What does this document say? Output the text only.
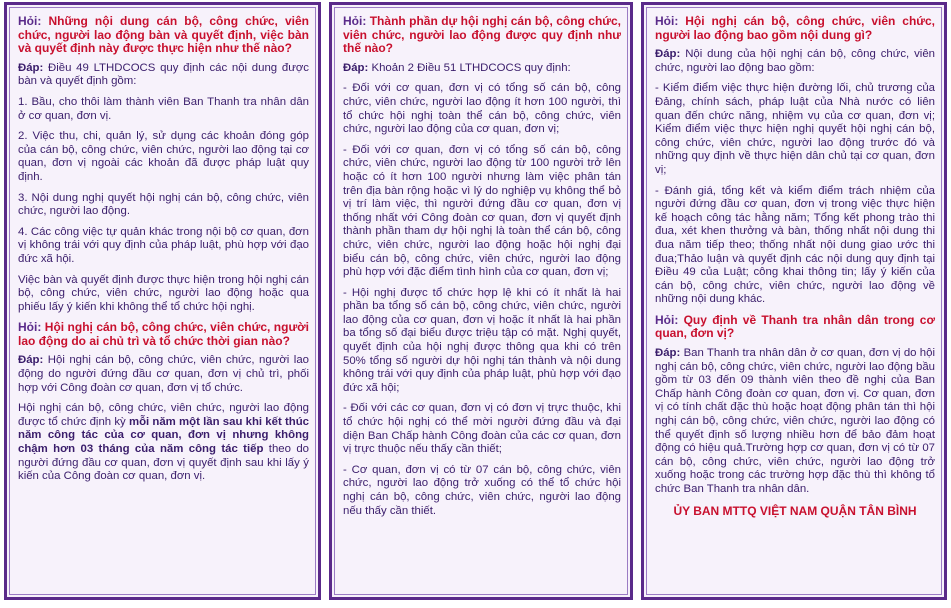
Hỏi: Những nội dung cán bộ, công chức, viên chức, người lao động bàn và quyết định, việc bàn và quyết định này được thực hiện như thế nào?

Đáp: Điều 49 LTHDCOCS quy định các nội dung được bàn và quyết định gồm:

1. Bầu, cho thôi làm thành viên Ban Thanh tra nhân dân ở cơ quan, đơn vị.

2. Việc thu, chi, quản lý, sử dụng các khoản đóng góp của cán bộ, công chức, viên chức, người lao động tại cơ quan, đơn vị ngoài các khoản đã được pháp luật quy định.

3. Nội dung nghị quyết hội nghị cán bộ, công chức, viên chức, người lao động.

4. Các công việc tự quản khác trong nội bộ cơ quan, đơn vị không trái với quy định của pháp luật, phù hợp với đạo đức xã hội.

Việc bàn và quyết định được thực hiện trong hội nghị cán bộ, công chức, viên chức, người lao động hoặc qua phiếu lấy ý kiến khi không thể tổ chức hội nghị.

Hỏi: Hội nghị cán bộ, công chức, viên chức, người lao động do ai chủ trì và tổ chức thời gian nào?

Đáp: Hội nghị cán bộ, công chức, viên chức, người lao động do người đứng đầu cơ quan, đơn vị chủ trì, phối hợp với Công đoàn cơ quan, đơn vị tổ chức.

Hội nghị cán bộ, công chức, viên chức, người lao động được tổ chức định kỳ mỗi năm một lần sau khi kết thúc năm công tác của cơ quan, đơn vị nhưng không chậm hơn 03 tháng của năm công tác tiếp theo do người đứng đầu cơ quan, đơn vị quyết định sau khi lấy ý kiến của Công đoàn cơ quan, đơn vị.

Hỏi: Thành phần dự hội nghị cán bộ, công chức, viên chức, người lao động được quy định như thế nào?

Đáp: Khoản 2 Điều 51 LTHDCOCS quy định:

- Đối với cơ quan, đơn vị có tổng số cán bộ, công chức, viên chức, người lao động ít hơn 100 người, thì tổ chức hội nghị toàn thể cán bộ, công chức, viên chức, người lao động của cơ quan, đơn vị;

- Đối với cơ quan, đơn vị có tổng số cán bộ, công chức, viên chức, người lao động từ 100 người trở lên hoặc có ít hơn 100 người nhưng làm việc phân tán trên địa bàn rộng hoặc vì lý do nghiệp vụ không thể bỏ vị trí làm việc, thì người đứng đầu cơ quan, đơn vị thống nhất với Công đoàn cơ quan, đơn vị quyết định thành phần tham dự hội nghị là toàn thể cán bộ, công chức, viên chức, người lao động hoặc hội nghị đại biểu cán bộ, công chức, viên chức, người lao động phù hợp với đặc điểm tình hình của cơ quan, đơn vị;

- Hội nghị được tổ chức hợp lệ khi có ít nhất là hai phần ba tổng số cán bộ, công chức, viên chức, người lao động của cơ quan, đơn vị hoặc ít nhất là hai phần ba tổng số đại biểu được triệu tập có mặt. Nghị quyết, quyết định của hội nghị được thông qua khi có trên 50% tổng số người dự hội nghị tán thành và nội dung không trái với quy định của pháp luật, phù hợp với đạo đức xã hội;

- Đối với các cơ quan, đơn vị có đơn vị trực thuộc, khi tổ chức hội nghị có thể mời người đứng đầu và đại diện Ban Chấp hành Công đoàn của các cơ quan, đơn vị trực thuộc nếu thấy cần thiết;

- Cơ quan, đơn vị có từ 07 cán bộ, công chức, viên chức, người lao động trở xuống có thể tổ chức hội nghị cán bộ, công chức, viên chức, người lao động nếu thấy cần thiết.

Hỏi: Hội nghị cán bộ, công chức, viên chức, người lao động bao gồm nội dung gì?

Đáp: Nội dung của hội nghị cán bộ, công chức, viên chức, người lao động bao gồm:

- Kiểm điểm việc thực hiện đường lối, chủ trương của Đảng, chính sách, pháp luật của Nhà nước có liên quan đến chức năng, nhiệm vụ của cơ quan, đơn vị; Kiểm điểm việc thực hiện nghị quyết hội nghị cán bộ, công chức, viên chức, người lao động trước đó và những quy định về thực hiện dân chủ tại cơ quan, đơn vị;

- Đánh giá, tổng kết và kiểm điểm trách nhiệm của người đứng đầu cơ quan, đơn vị trong việc thực hiện kế hoạch công tác hằng năm; Tổng kết phong trào thi đua, xét khen thưởng và bàn, thống nhất nội dung thi đua năm tiếp theo; thống nhất nội dung giao ước thi đua;Thảo luận và quyết định các nội dung quy định tại Điều 49 của Luật; công khai thông tin; lấy ý kiến của cán bộ, công chức, viên chức, người lao động về những nội dung khác.

Hỏi: Quy định về Thanh tra nhân dân trong cơ quan, đơn vị?

Đáp: Ban Thanh tra nhân dân ở cơ quan, đơn vị do hội nghị cán bộ, công chức, viên chức, người lao động bầu gồm từ 03 đến 09 thành viên theo đề nghị của Ban Chấp hành Công đoàn cơ quan, đơn vị. Cơ quan, đơn vị có tính chất đặc thù hoặc hoạt động phân tán thì hội nghị cán bộ, công chức, viên chức, người lao động có thể quyết định số lượng nhiều hơn để bảo đảm hoạt động có hiệu quả.Trường hợp cơ quan, đơn vị có từ 07 cán bộ, công chức, viên chức, người lao động trở xuống hoặc trong các trường hợp đặc thù thì không tổ chức Ban Thanh tra nhân dân.

ỦY BAN MTTQ VIỆT NAM QUẬN TÂN BÌNH
